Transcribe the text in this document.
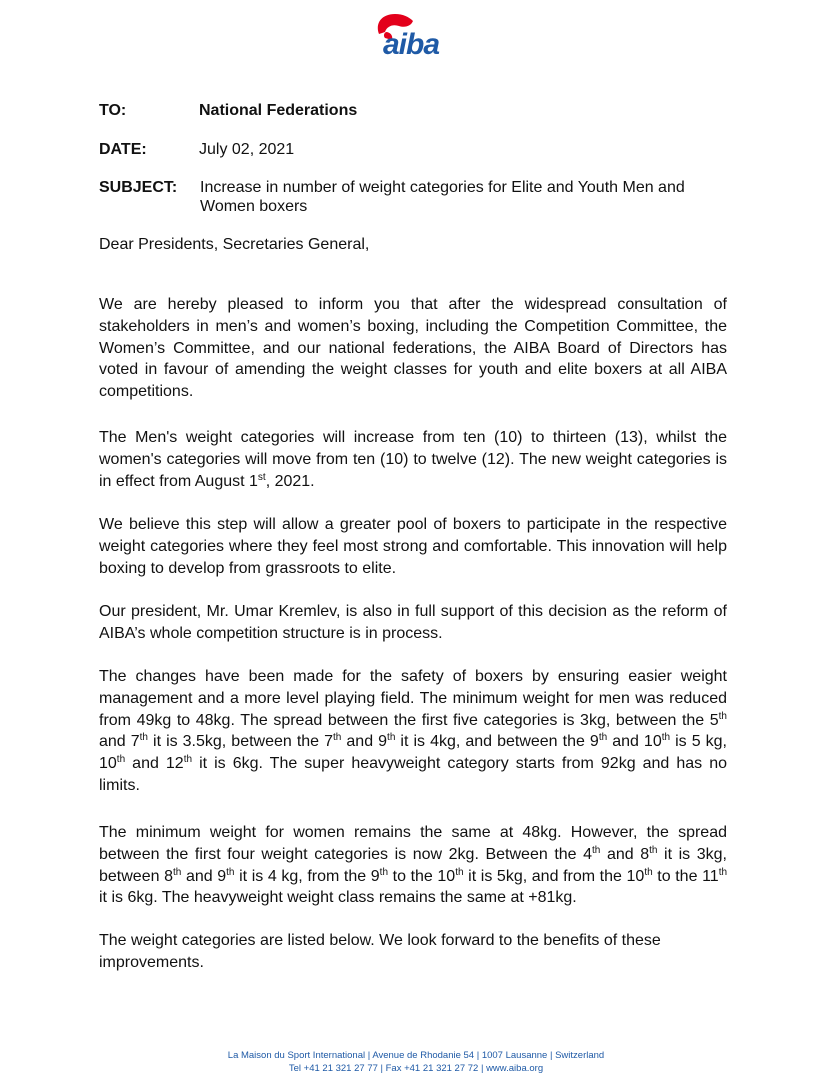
aiba
TO:	National Federations
DATE:	July 02, 2021
SUBJECT: Increase in number of weight categories for Elite and Youth Men and
Women boxers
Dear Presidents, Secretaries General,
We are hereby pleased to inform you that after the widespread consultation of stakeholders in men’s and women’s boxing, including the Competition Committee, the Women’s Committee, and our national federations, the AIBA Board of Directors has voted in favour of amending the weight classes for youth and elite boxers at all AIBA competitions.
The Men's weight categories will increase from ten (10) to thirteen (13), whilst the women's categories will move from ten (10) to twelve (12). The new weight categories is in effect from August 1st, 2021.
We believe this step will allow a greater pool of boxers to participate in the respective weight categories where they feel most strong and comfortable. This innovation will help boxing to develop from grassroots to elite.
Our president, Mr. Umar Kremlev, is also in full support of this decision as the reform of AIBA’s whole competition structure is in process.
The changes have been made for the safety of boxers by ensuring easier weight management and a more level playing field. The minimum weight for men was reduced from 49kg to 48kg. The spread between the first five categories is 3kg, between the 5th and 7th it is 3.5kg, between the 7th and 9th it is 4kg, and between the 9th and 10th is 5 kg, 10th and 12th it is 6kg. The super heavyweight category starts from 92kg and has no limits.
The minimum weight for women remains the same at 48kg. However, the spread between the first four weight categories is now 2kg. Between the 4th and 8th it is 3kg, between 8th and 9th it is 4 kg, from the 9th to the 10th it is 5kg, and from the 10th to the 11th it is 6kg. The heavyweight weight class remains the same at +81kg.
The weight categories are listed below. We look forward to the benefits of these improvements.
La Maison du Sport International | Avenue de Rhodanie 54 | 1007 Lausanne | Switzerland
Tel +41 21 321 27 77 | Fax +41 21 321 27 72 | www.aiba.org
